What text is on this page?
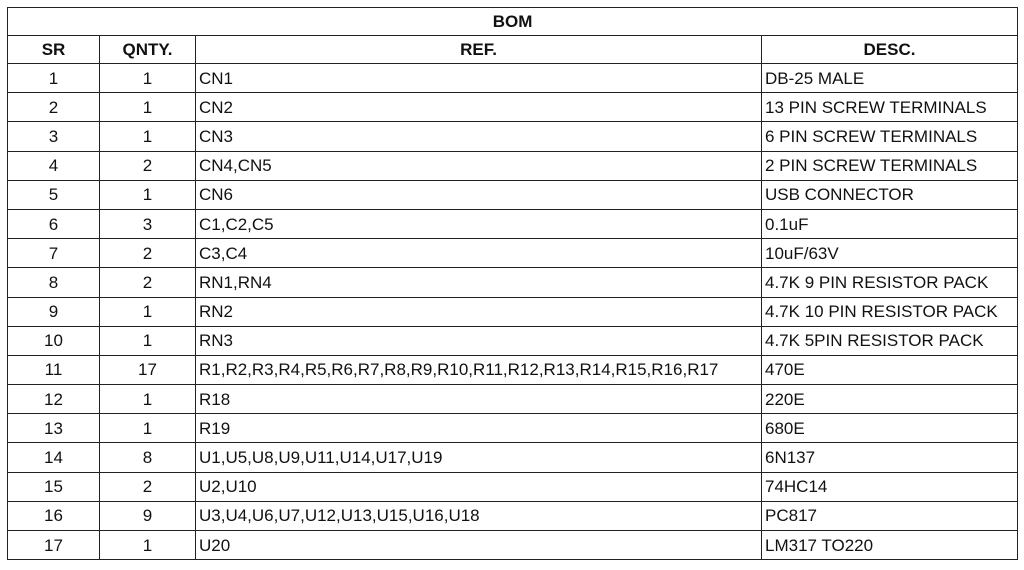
BOM			
SR	QNTY.	REF.	DESC.
1	1	CN1	DB-25 MALE
2	1	CN2	13 PIN SCREW TERMINALS
3	1	CN3	6 PIN SCREW TERMINALS
4	2	CN4,CN5	2 PIN SCREW TERMINALS
5	1	CN6	USB CONNECTOR
6	3	C1,C2,C5	0.1uF
7	2	C3,C4	10uF/63V
8	2	RN1,RN4	4.7K 9 PIN RESISTOR PACK
9	1	RN2	4.7K 10 PIN RESISTOR PACK
10	1	RN3	4.7K 5PIN RESISTOR PACK
11	17	R1,R2,R3,R4,R5,R6,R7,R8,R9,R10,R11,R12,R13,R14,R15,R16,R17	470E
12	1	R18	220E
13	1	R19	680E
14	8	U1,U5,U8,U9,U11,U14,U17,U19	6N137
15	2	U2,U10	74HC14
16	9	U3,U4,U6,U7,U12,U13,U15,U16,U18	PC817
17	1	U20	LM317 TO220
